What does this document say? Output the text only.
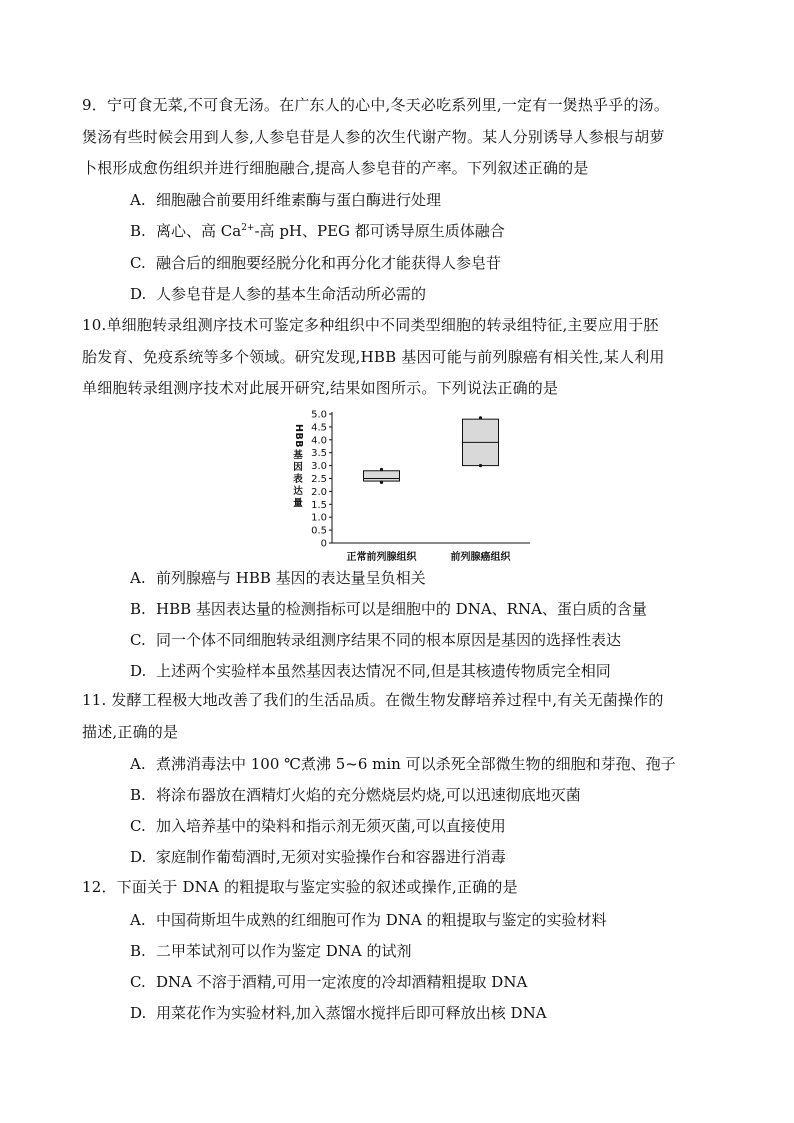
9．宁可食无菜,不可食无汤。在广东人的心中,冬天必吃系列里,一定有一煲热乎乎的汤。
煲汤有些时候会用到人参,人参皂苷是人参的次生代谢产物。某人分别诱导人参根与胡萝
卜根形成愈伤组织并进行细胞融合,提高人参皂苷的产率。下列叙述正确的是
A. 细胞融合前要用纤维素酶与蛋白酶进行处理
B. 离心、高 $Ca^{2+}-$高 pH、PEG 都可诱导原生质体融合
C. 融合后的细胞要经脱分化和再分化才能获得人参皂苷
D. 人参皂苷是人参的基本生命活动所必需的
10.单细胞转录组测序技术可鉴定多种组织中不同类型细胞的转录组特征,主要应用于胚
胎发育、免疫系统等多个领域。研究发现,HBB 基因可能与前列腺癌有相关性,某人利用
单细胞转录组测序技术对此展开研究,结果如图所示。下列说法正确的是
HBB
基因表达量
0
0.5
1.0
1.5
2.0
2.5
3.0
3.5
4.0
4.5
5.0
正常前列腺组织	前列腺癌组织
A. 前列腺癌与 HBB 基因的表达量呈负相关
B. HBB 基因表达量的检测指标可以是细胞中的 DNA、RNA、蛋白质的含量
C. 同一个体不同细胞转录组测序结果不同的根本原因是基因的选择性表达
D. 上述两个实验样本虽然基因表达情况不同,但是其核遗传物质完全相同
11. 发酵工程极大地改善了我们的生活品质。在微生物发酵培养过程中,有关无菌操作的
描述,正确的是
A. 煮沸消毒法中 100 ℃煮沸 5~6 min 可以杀死全部微生物的细胞和芽孢、孢子
B. 将涂布器放在酒精灯火焰的充分燃烧层灼烧,可以迅速彻底地灭菌
C. 加入培养基中的染料和指示剂无须灭菌,可以直接使用
D. 家庭制作葡萄酒时,无须对实验操作台和容器进行消毒
12．下面关于 DNA 的粗提取与鉴定实验的叙述或操作,正确的是
A. 中国荷斯坦牛成熟的红细胞可作为 DNA 的粗提取与鉴定的实验材料
B. 二甲苯试剂可以作为鉴定 DNA 的试剂
C. DNA 不溶于酒精,可用一定浓度的冷却酒精粗提取 DNA
D. 用菜花作为实验材料,加入蒸馏水搅拌后即可释放出核 DNA
